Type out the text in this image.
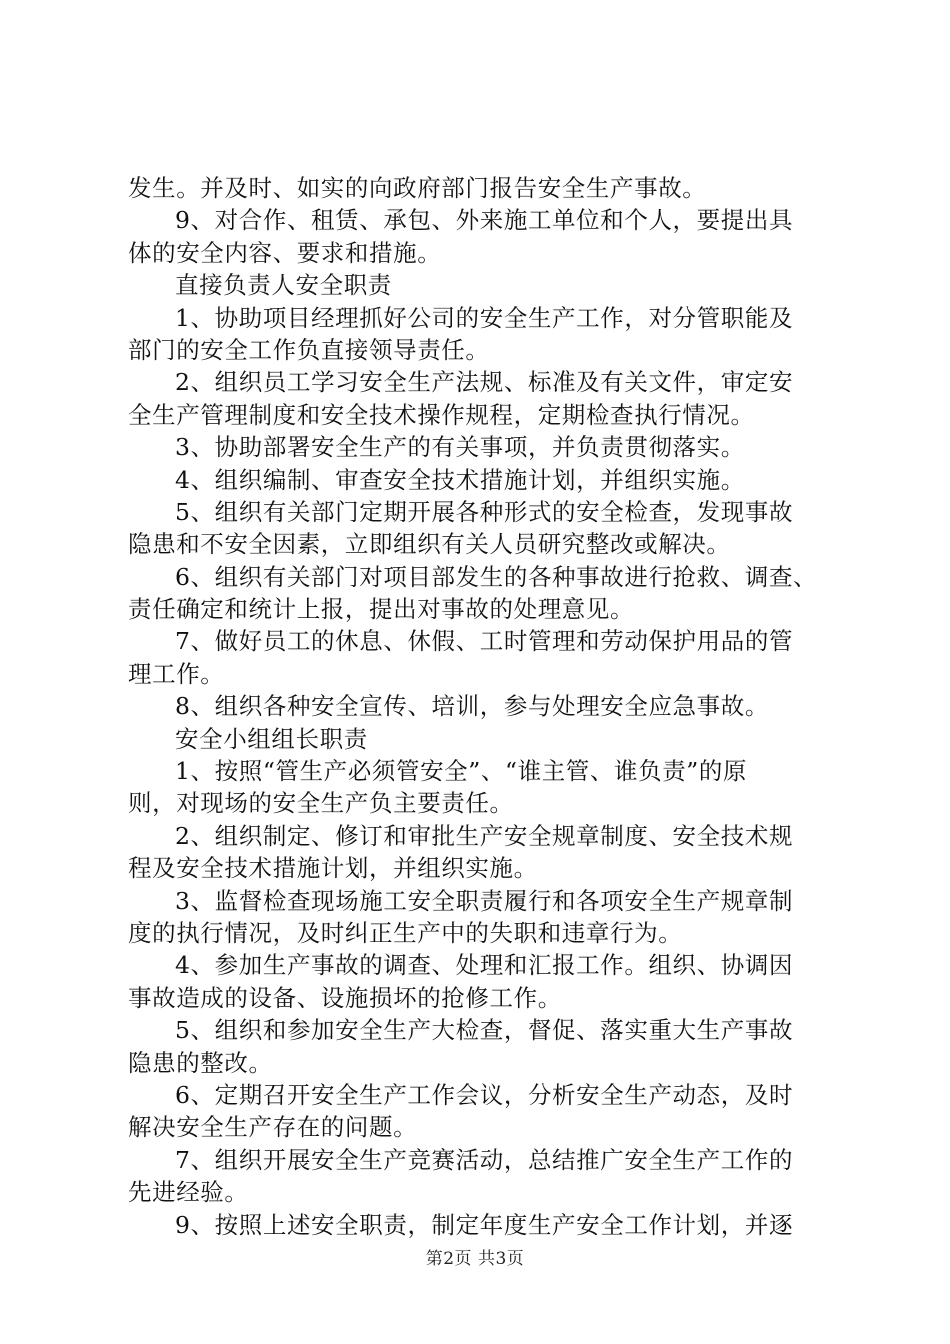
发生。并及时、如实的向政府部门报告安全生产事故。
9、对合作、租赁、承包、外来施工单位和个人，要提出具
体的安全内容、要求和措施。
直接负责人安全职责
1、协助项目经理抓好公司的安全生产工作，对分管职能及
部门的安全工作负直接领导责任。
2、组织员工学习安全生产法规、标准及有关文件，审定安
全生产管理制度和安全技术操作规程，定期检查执行情况。
3、协助部署安全生产的有关事项，并负责贯彻落实。
4、组织编制、审查安全技术措施计划，并组织实施。
5、组织有关部门定期开展各种形式的安全检查，发现事故
隐患和不安全因素，立即组织有关人员研究整改或解决。
6、组织有关部门对项目部发生的各种事故进行抢救、调查、
责任确定和统计上报，提出对事故的处理意见。
7、做好员工的休息、休假、工时管理和劳动保护用品的管
理工作。
8、组织各种安全宣传、培训，参与处理安全应急事故。
安全小组组长职责
1、按照“管生产必须管安全”、“谁主管、谁负责”的原
则，对现场的安全生产负主要责任。
2、组织制定、修订和审批生产安全规章制度、安全技术规
程及安全技术措施计划，并组织实施。
3、监督检查现场施工安全职责履行和各项安全生产规章制
度的执行情况，及时纠正生产中的失职和违章行为。
4、参加生产事故的调查、处理和汇报工作。组织、协调因
事故造成的设备、设施损坏的抢修工作。
5、组织和参加安全生产大检查，督促、落实重大生产事故
隐患的整改。
6、定期召开安全生产工作会议，分析安全生产动态，及时
解决安全生产存在的问题。
7、组织开展安全生产竞赛活动，总结推广安全生产工作的
先进经验。
9、按照上述安全职责，制定年度生产安全工作计划，并逐
第2页 共3页
